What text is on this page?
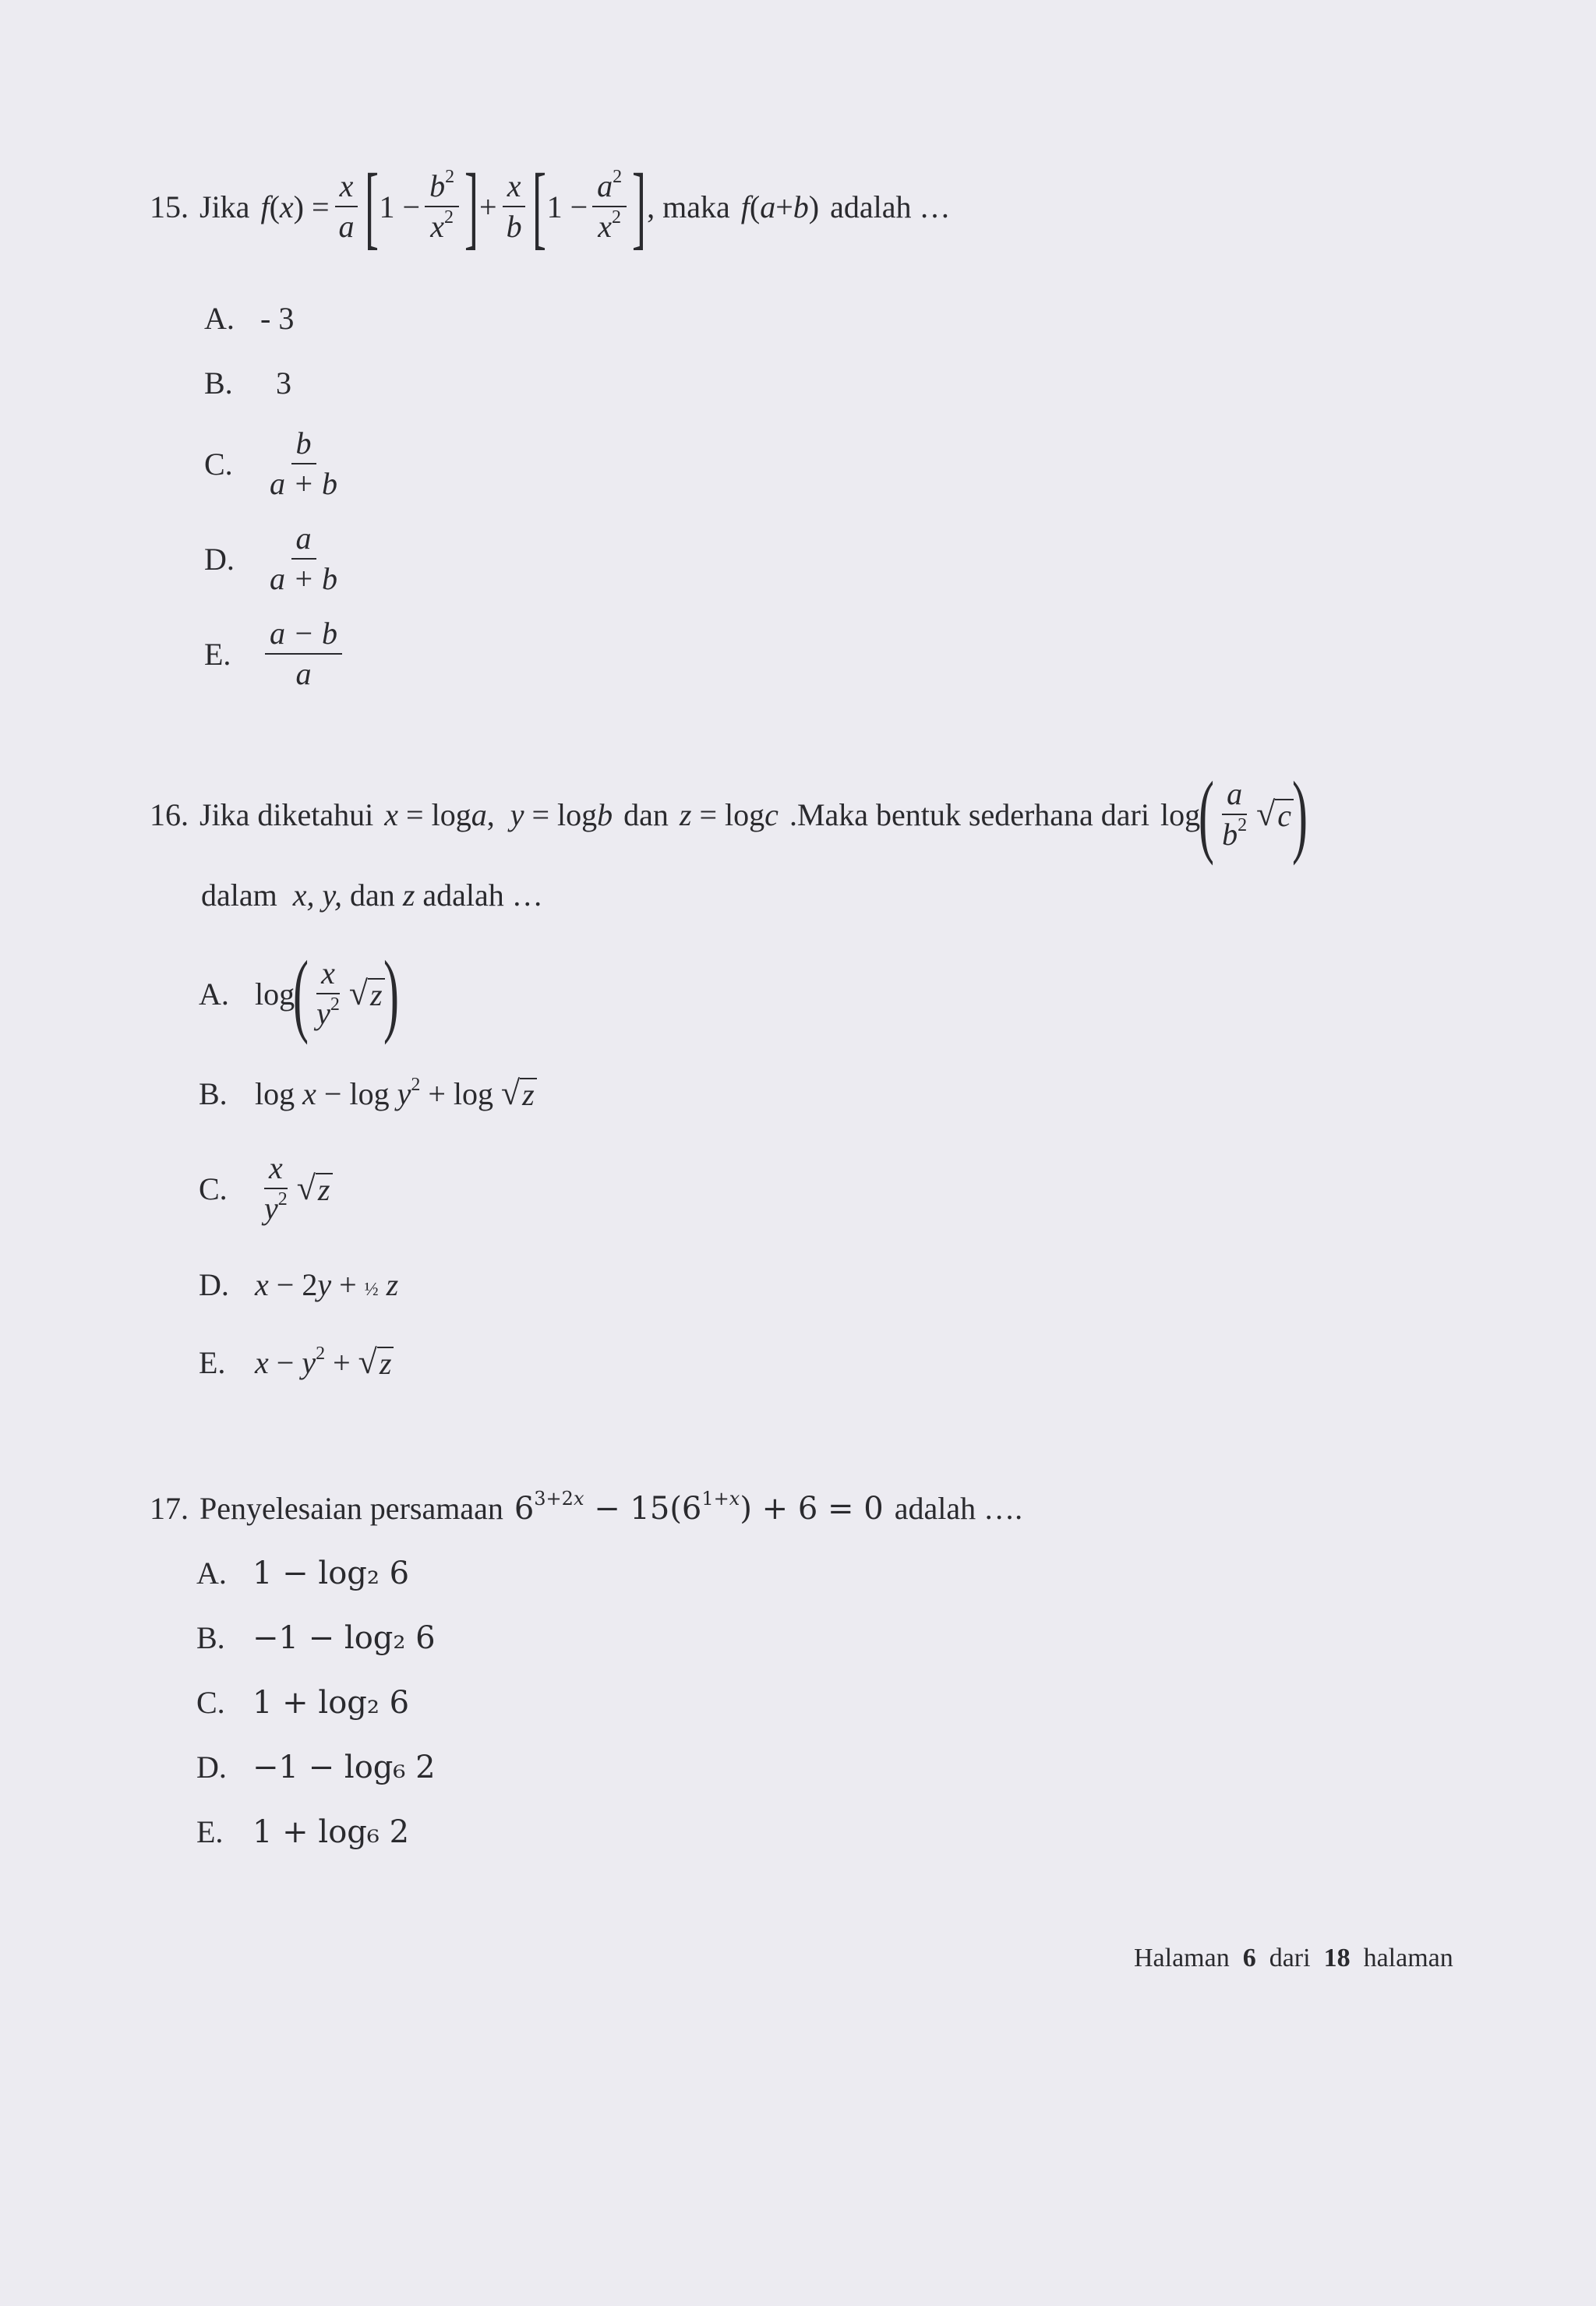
15. Jika f ( x ) = $\frac{x}{a}$ [ $1 - \frac{b^2}{x^2}$ ] + $\frac{x}{b}$ [ $1 - \frac{a^2}{x^2}$ ] , maka f ( a + b ) adalah …
A. - 3
B.	3
C.	$\frac{b}{a + b}$
D. $\frac{a}{a + b}$
E.	$\frac{a - b}{a}$
16. Jika diketahui x = log a , y = log b dan z = log c .Maka bentuk sederhana dari log
( $\frac{a}{b^2}$ √ c )
dalam
x, y,
dan
z
adalah …
A. log
( $\frac{x}{y^2}$ √ z )
B. $\log x - \log y^2 + \log$ √ z
C.	$\frac{x}{y^2}$ √ z
D. x − 2y + ½ z
E. $x - y^2$ + √ z
17. Penyelesaian persamaan $6^{3+2x} - 15(6^{1+x}) + 6 = 0$ adalah ….
A. 1 − log₂ 6
B. −1 − log₂ 6
C. 1 + log₂ 6
D. −1 − log₆ 2
E. 1 + log₆ 2
Halaman 6 dari 18 halaman
